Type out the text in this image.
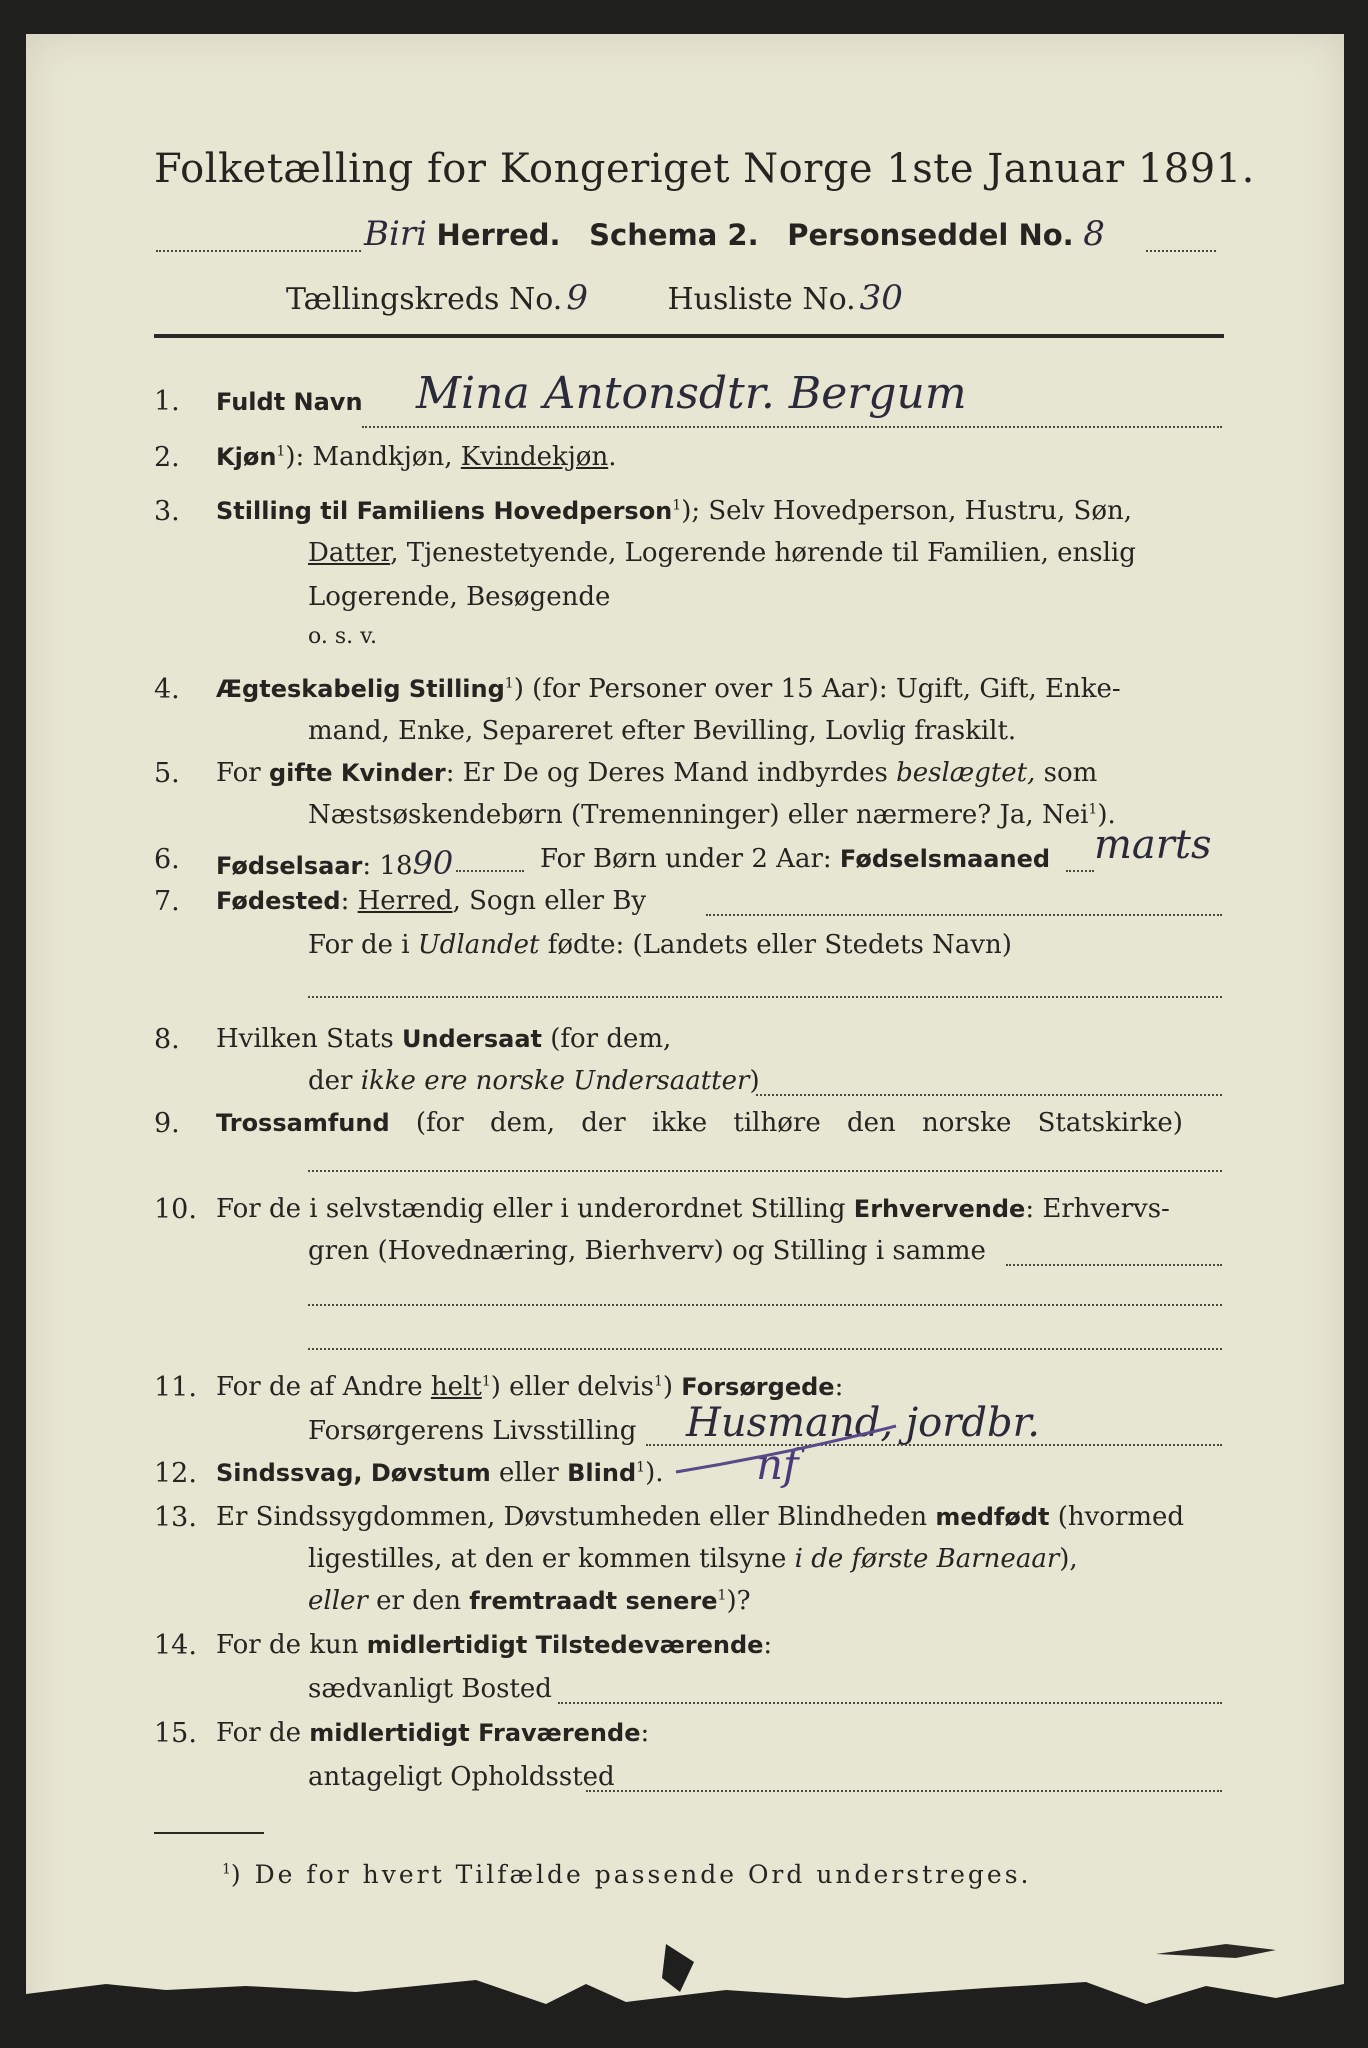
Folketælling for Kongeriget Norge 1ste Januar 1891.
Biri Herred. Schema 2. Personseddel No. 8
Tællingskreds No. 9	Husliste No. 30
1. Fuldt Navn Mina Antonsdtr. Bergum
2. Kjøn$^1$): Mandkjøn, Kvindekjøn.
3. Stilling til Familiens Hovedperson$^1$); Selv Hovedperson, Hustru, Søn,
Datter, Tjenestetyende, Logerende hørende til Familien, enslig
Logerende, Besøgende
o. s. v.
4. Ægteskabelig Stilling$^1$) (for Personer over 15 Aar): Ugift, Gift, Enke-
mand, Enke, Separeret efter Bevilling, Lovlig fraskilt.
5. For gifte Kvinder: Er De og Deres Mand indbyrdes beslægtet, som
Næstsøskendebørn (Tremenninger) eller nærmere? Ja, Nei$^1$).
6. Fødselsaar: 1890	For Børn under 2 Aar: Fødselsmaaned marts
7. Fødested: Herred, Sogn eller By
For de i Udlandet fødte: (Landets eller Stedets Navn)
8. Hvilken Stats Undersaat (for dem,
der ikke ere norske Undersaatter)
9. Trossamfund (for dem, der ikke tilhøre den norske Statskirke)
10. For de i selvstændig eller i underordnet Stilling Erhvervende: Erhvervs-
gren (Hovednæring, Bierhverv) og Stilling i samme
11. For de af Andre helt$^1$) eller delvis$^1$) Forsørgede:
Forsørgerens Livsstilling Husmand, jordbr.
12. Sindssvag, Døvstum eller Blind$^1$). nf
13. Er Sindssygdommen, Døvstumheden eller Blindheden medfødt (hvormed
ligestilles, at den er kommen tilsyne i de første Barneaar),
eller er den fremtraadt senere$^1$)?
14. For de kun midlertidigt Tilstedeværende:
sædvanligt Bosted
15. For de midlertidigt Fraværende:
antageligt Opholdssted
$^1$) De for hvert Tilfælde passende Ord understreges.
